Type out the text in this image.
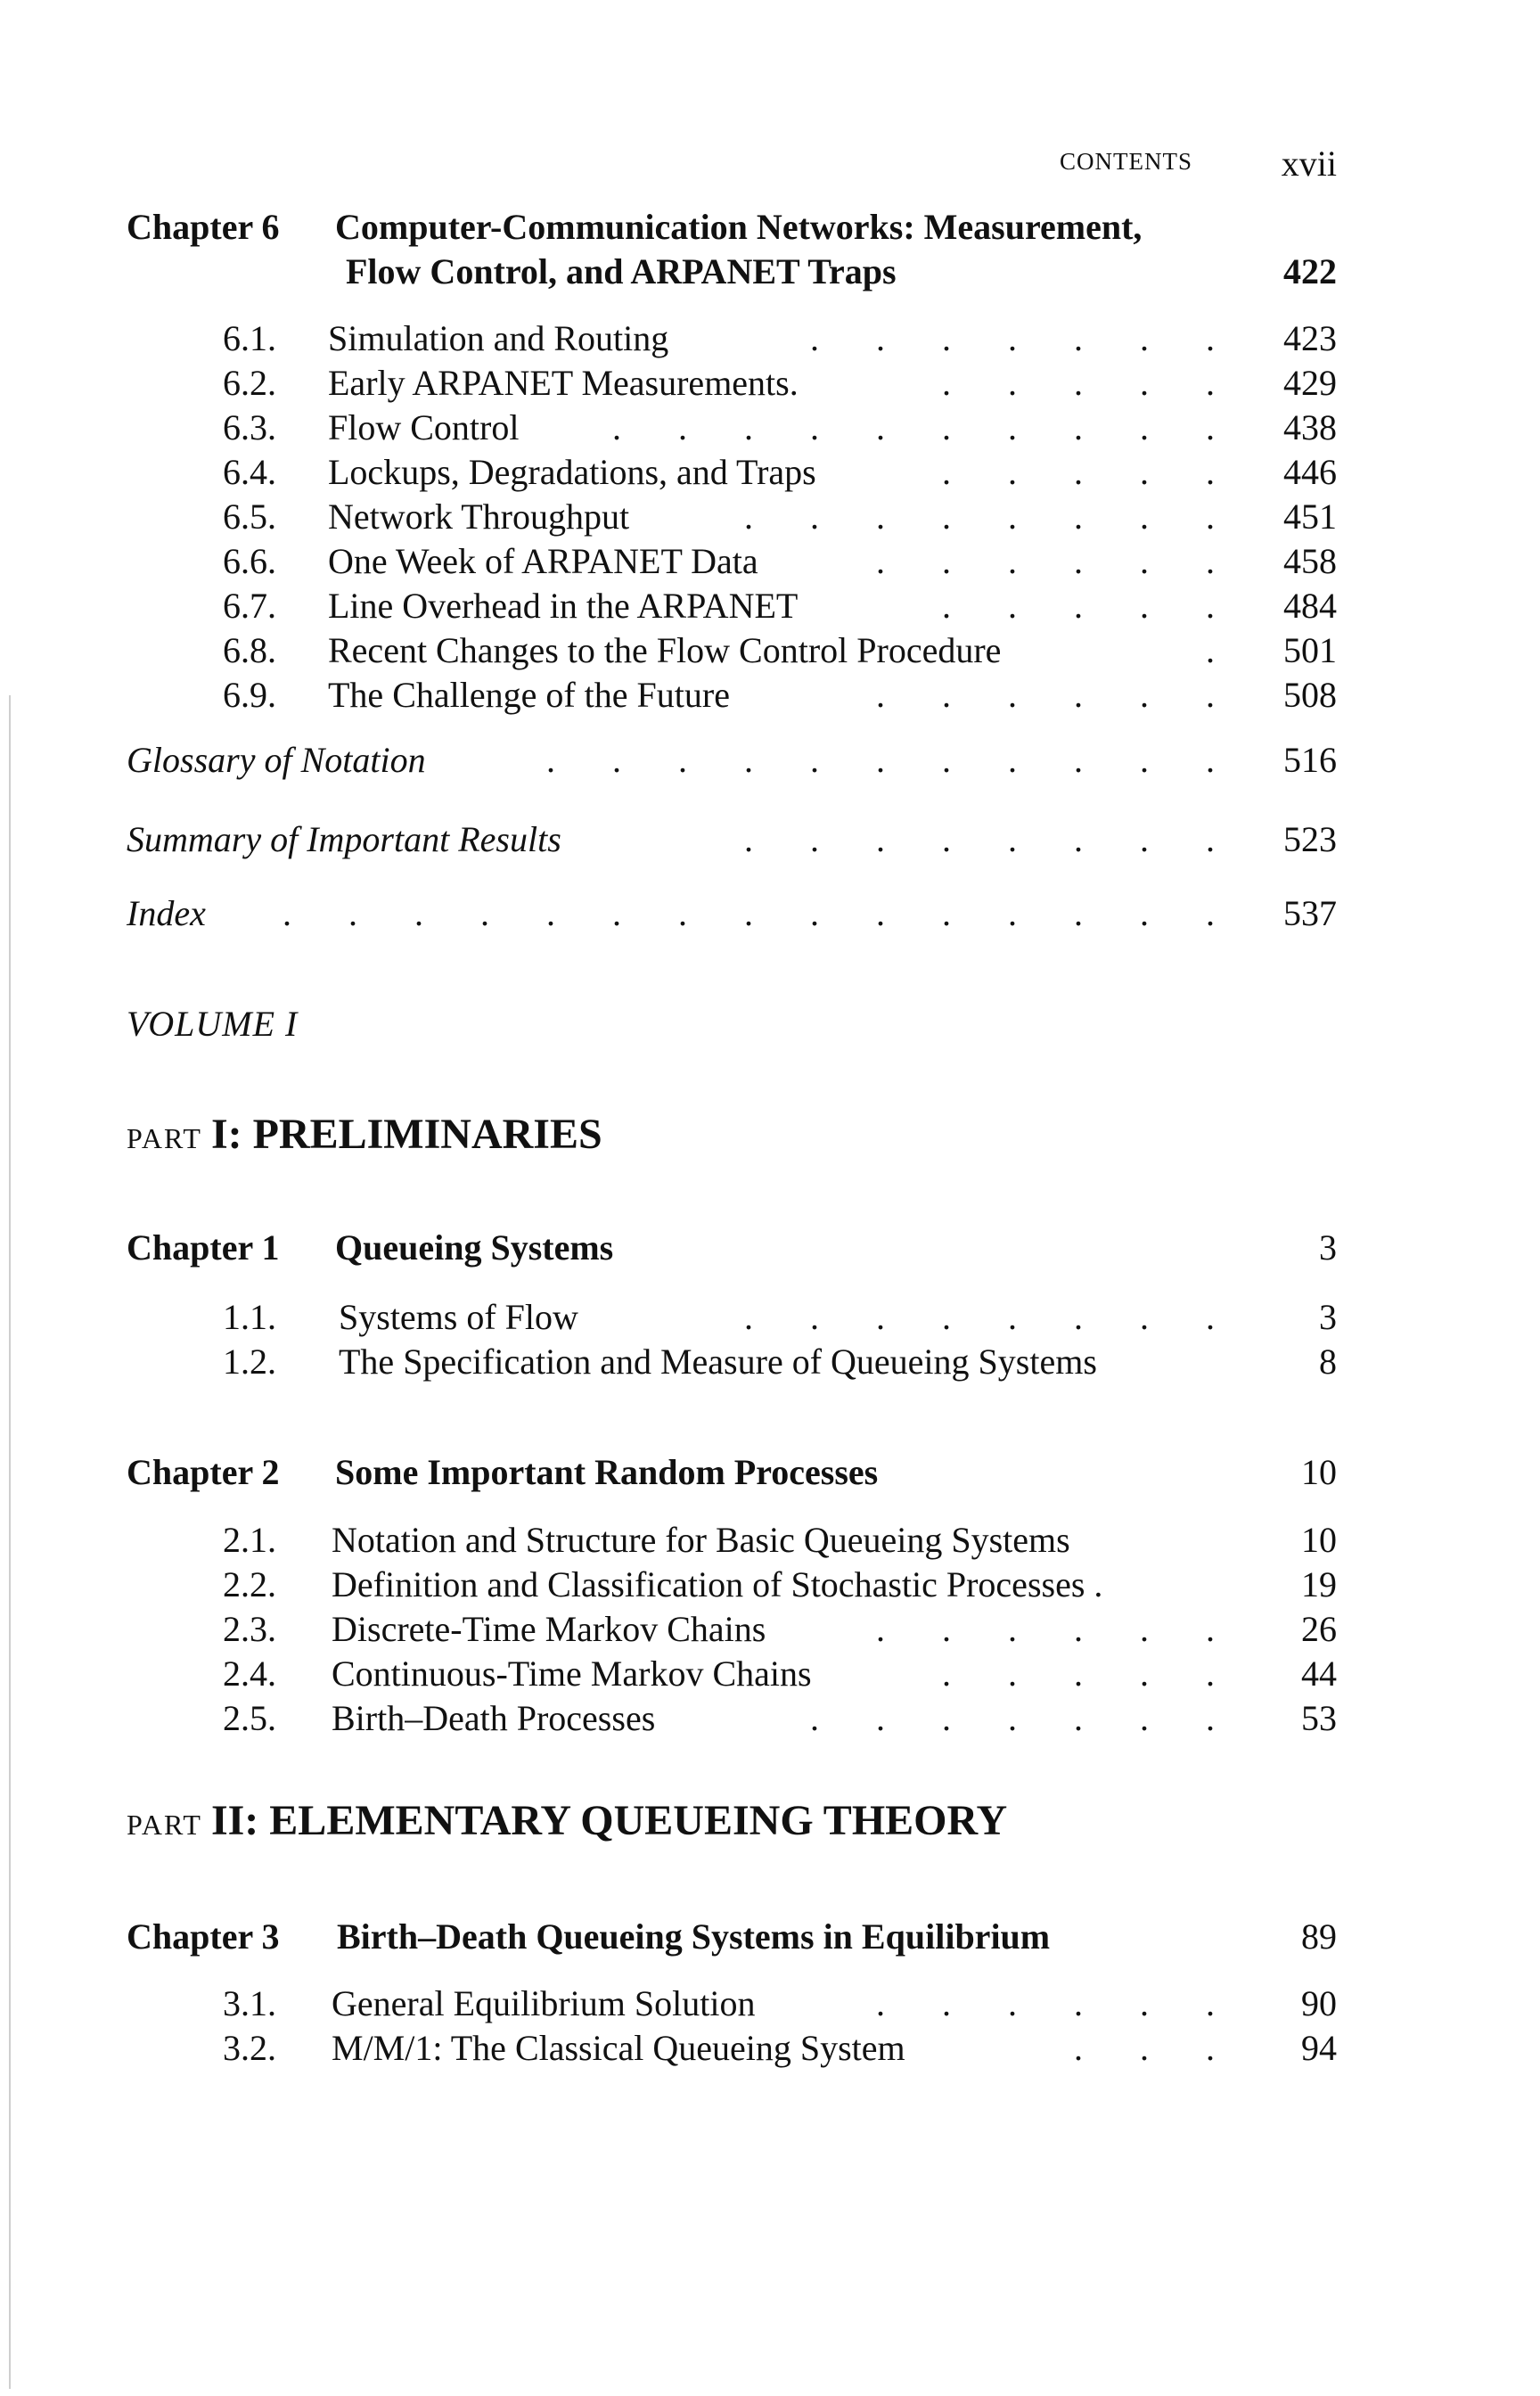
CONTENTS xvii
Chapter 6 Computer-Communication Networks: Measurement,
Flow Control, and ARPANET Traps	422
6.1. Simulation and Routing	. . . . . . . 423
6.2. Early ARPANET Measurements.	. . . . . 429
6.3. Flow Control	. . . . . . . . . . 438
6.4. Lockups, Degradations, and Traps	. . . . . 446
6.5. Network Throughput	. . . . . . . . 451
6.6. One Week of ARPANET Data	. . . . . . 458
6.7. Line Overhead in the ARPANET	. . . . . 484
6.8. Recent Changes to the Flow Control Procedure	. 501
6.9. The Challenge of the Future	. . . . . . 508
Glossary of Notation	. . . . . . . . . . . 516
Summary of Important Results	. . . . . . . . 523
Index . . . . . . . . . . . . . . . 537
VOLUME I
PART I: PRELIMINARIES
Chapter 1 Queueing Systems	3
1.1. Systems of Flow	. . . . . . . . 3
1.2. The Specification and Measure of Queueing Systems	8
Chapter 2 Some Important Random Processes	10
2.1. Notation and Structure for Basic Queueing Systems	10
2.2. Definition and Classification of Stochastic Processes .	19
2.3. Discrete-Time Markov Chains	. . . . . . 26
2.4. Continuous-Time Markov Chains	. . . . . 44
2.5. Birth–Death Processes	. . . . . . . 53
PART II: ELEMENTARY QUEUEING THEORY
Chapter 3 Birth–Death Queueing Systems in Equilibrium	89
3.1. General Equilibrium Solution	. . . . . . 90
3.2. M/M/1: The Classical Queueing System	. . . 94
